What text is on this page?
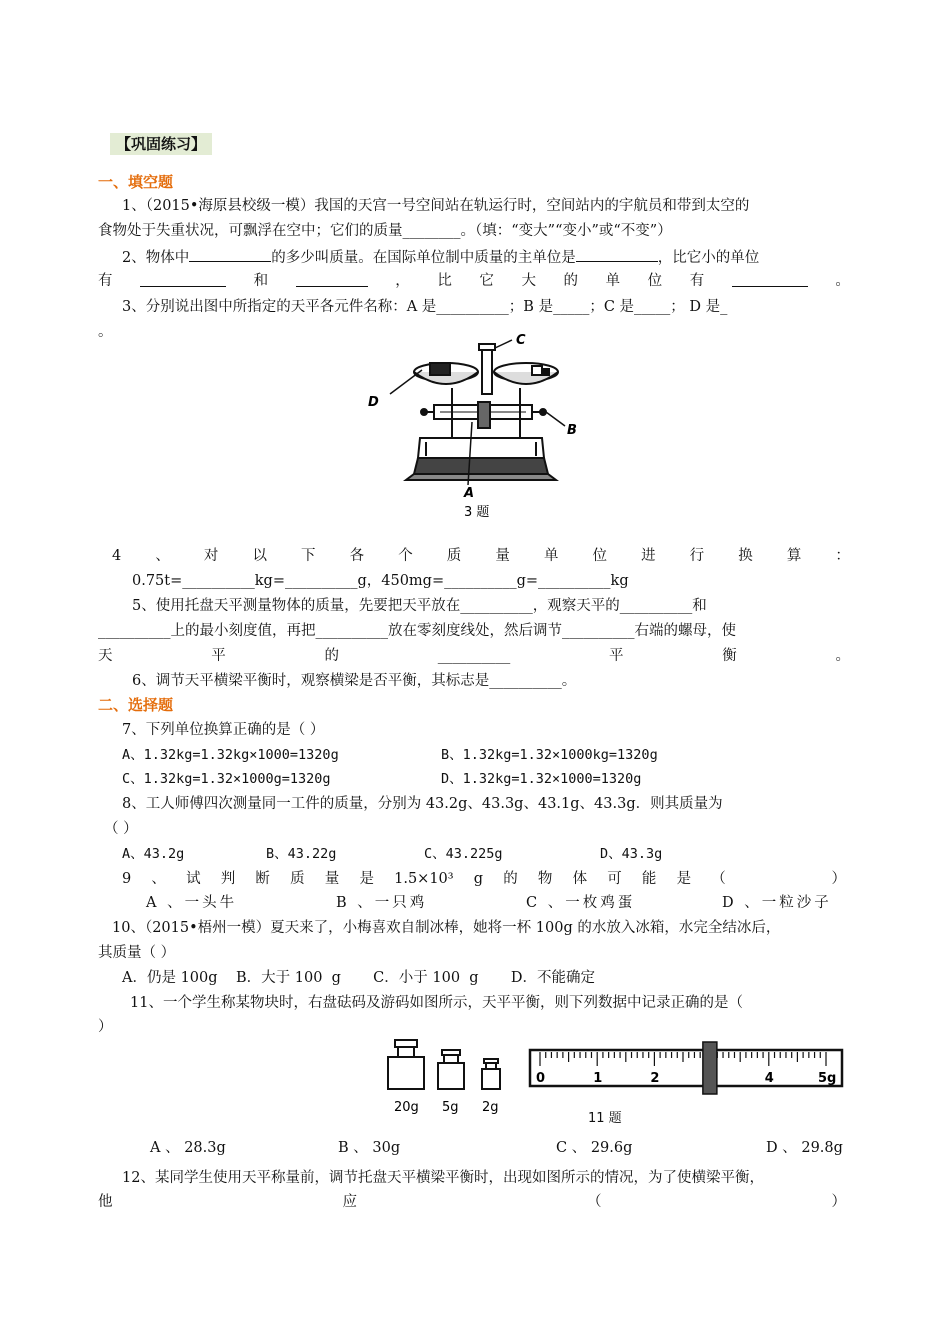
【巩固练习】
一、填空题
1、（2015•海原县校级一模）我国的天宫一号空间站在轨运行时，空间站内的宇航员和带到太空的
食物处于失重状况，可飘浮在空中；它们的质量________。（填：“变大”“变小”或“不变”）
2、物体中	的多少叫质量。在国际单位制中质量的主单位是	，比它小的单位
有	和	， 比 它 大 的 单 位 有	。
3、分别说出图中所指定的天平各元件名称：A 是__________；B 是_____；C 是_____； D 是_
。
C
D
B
A
3 题
4 、 对 以 下 各 个 质 量 单 位 进 行 换 算 ：
0.75t=__________kg=__________g，450mg=__________g=__________kg
5、使用托盘天平测量物体的质量，先要把天平放在__________，观察天平的__________和
__________上的最小刻度值，再把__________放在零刻度线处，然后调节__________右端的螺母，使
天	平	的	__________	平	衡	。
6、调节天平横梁平衡时，观察横梁是否平衡，其标志是__________。
二、选择题
7、下列单位换算正确的是（ ）
A、1.32kg=1.32kg×1000=1320g	B、1.32kg=1.32×1000kg=1320g
C、1.32kg=1.32×1000g=1320g	D、1.32kg=1.32×1000=1320g
8、工人师傅四次测量同一工件的质量，分别为 43.2g、43.3g、43.1g、43.3g．则其质量为
（ ）
A、43.2g	B、43.22g	C、43.225g	D、43.3g
9 、 试 判 断 质 量 是 1.5×10³ g 的 物 体 可 能 是 （	）
A 、一头牛	B 、一只鸡	C 、一枚鸡蛋	D 、一粒沙子
10、（2015•梧州一模）夏天来了，小梅喜欢自制冰棒，她将一杯 100g 的水放入冰箱，水完全结冰后，
其质量（ ）
A．仍是 100g    B．大于 100  g       C．小于 100  g       D．不能确定
11、一个学生称某物块时，右盘砝码及游码如图所示，天平平衡，则下列数据中记录正确的是（
）
20g 5g 2g
0	1	2	4	5g
11 题
A 、 28.3g	B 、 30g	C 、 29.6g	D 、 29.8g
12、某同学生使用天平称量前，调节托盘天平横梁平衡时，出现如图所示的情况，为了使横梁平衡，
他	应	（	）
